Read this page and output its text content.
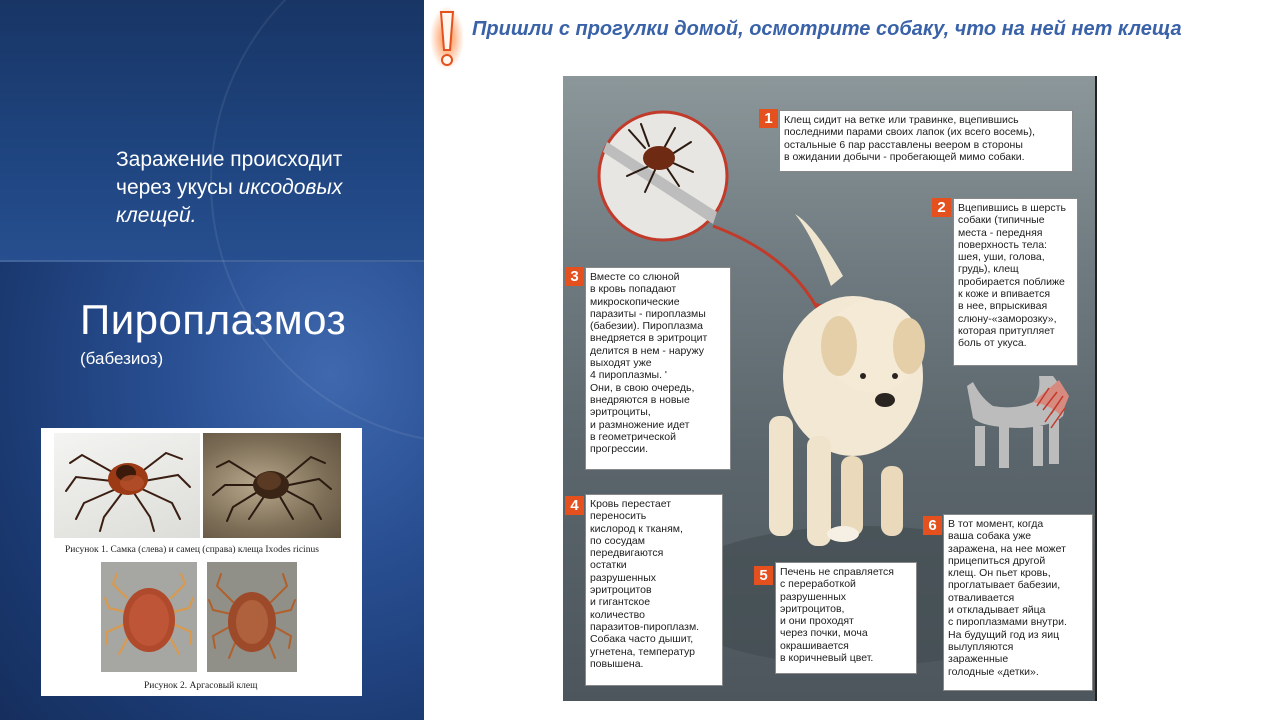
Заражение происходит
через укусы иксодовых
клещей.
Пироплазмоз
(бабезиоз)
Рисунок 1. Самка (слева) и самец (справа) клеща Ixodes ricinus
Рисунок 2. Аргасовый клещ
Пришли с прогулки домой, осмотрите собаку, что на ней нет клеща
1	Клещ сидит на ветке или травинке, вцепившись
последними парами своих лапок (их всего восемь),
остальные 6 пар расставлены веером в стороны
в ожидании добычи - пробегающей мимо собаки.
2	Вцепившись в шерсть
собаки (типичные
места - передняя
поверхность тела:
шея, уши, голова,
грудь), клещ
пробирается поближе
к коже и впивается
в нее, впрыскивая
слюну-«заморозку»,
которая притупляет
боль от укуса.
3	Вместе со слюной
в кровь попадают
микроскопические
паразиты - пироплазмы
(бабезии). Пироплазма
внедряется в эритроцит
делится в нем - наружу
выходят уже
4 пироплазмы. '
Они, в свою очередь,
внедряются в новые
эритроциты,
и размножение идет
в геометрической
прогрессии.
4	Кровь перестает
переносить
кислород к тканям,
по сосудам
передвигаются
остатки
разрушенных
эритроцитов
и гигантское
количество
паразитов-пироплазм.
Собака часто дышит,
угнетена, температур
повышена.
5	Печень не справляется
с переработкой
разрушенных
эритроцитов,
и они проходят
через почки, моча
окрашивается
в коричневый цвет.
6	В тот момент, когда
ваша собака уже
заражена, на нее может
прицепиться другой
клещ. Он пьет кровь,
проглатывает бабезии,
отваливается
и откладывает яйца
с пироплазмами внутри.
На будущий год из яиц
вылупляются
зараженные
голодные «детки».
